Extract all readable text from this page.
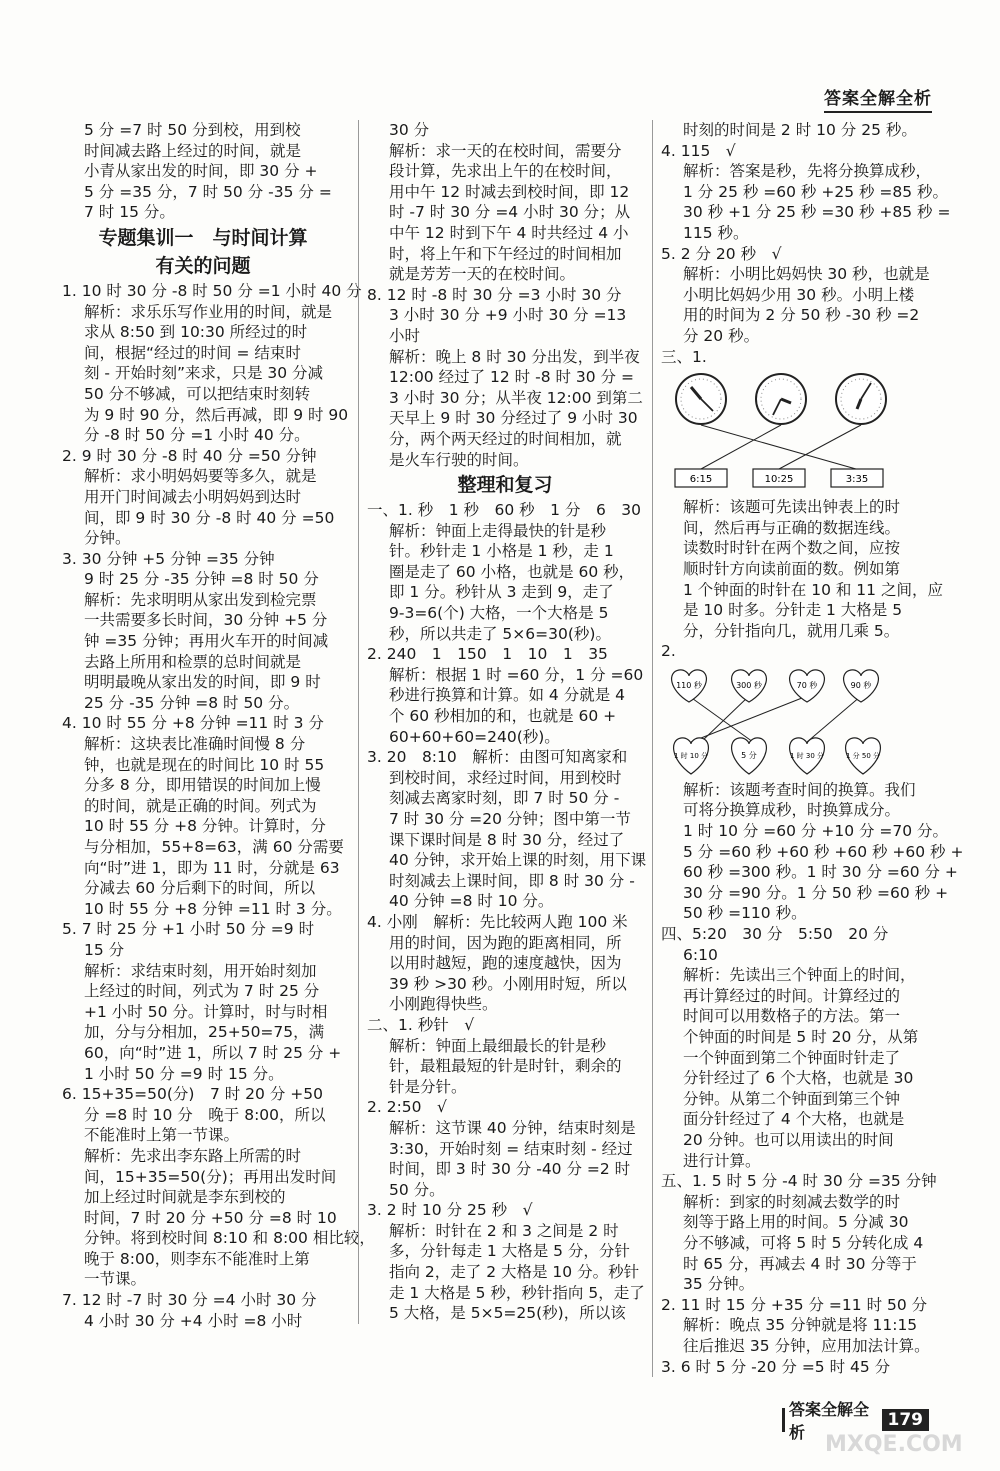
答案全解全析
5 分 =7 时 50 分到校，用到校
时间减去路上经过的时间，就是
小青从家出发的时间，即 30 分 +
5 分 =35 分，7 时 50 分 -35 分 =
7 时 15 分。
专题集训一　与时间计算
有关的问题
1. 10 时 30 分 -8 时 50 分 =1 小时 40 分
解析：求乐乐写作业用的时间，就是
求从 8:50 到 10:30 所经过的时
间，根据“经过的时间 = 结束时
刻 - 开始时刻”来求，只是 30 分减
50 分不够减，可以把结束时刻转
为 9 时 90 分，然后再减，即 9 时 90
分 -8 时 50 分 =1 小时 40 分。
2. 9 时 30 分 -8 时 40 分 =50 分钟
解析：求小明妈妈要等多久，就是
用开门时间减去小明妈妈到达时
间，即 9 时 30 分 -8 时 40 分 =50
分钟。
3. 30 分钟 +5 分钟 =35 分钟
9 时 25 分 -35 分钟 =8 时 50 分
解析：先求明明从家出发到检完票
一共需要多长时间，30 分钟 +5 分
钟 =35 分钟；再用火车开的时间减
去路上所用和检票的总时间就是
明明最晚从家出发的时间，即 9 时
25 分 -35 分钟 =8 时 50 分。
4. 10 时 55 分 +8 分钟 =11 时 3 分
解析：这块表比准确时间慢 8 分
钟，也就是现在的时间比 10 时 55
分多 8 分，即用错误的时间加上慢
的时间，就是正确的时间。列式为
10 时 55 分 +8 分钟。计算时，分
与分相加，55+8=63，满 60 分需要
向“时”进 1，即为 11 时，分就是 63
分减去 60 分后剩下的时间，所以
10 时 55 分 +8 分钟 =11 时 3 分。
5. 7 时 25 分 +1 小时 50 分 =9 时
15 分
解析：求结束时刻，用开始时刻加
上经过的时间，列式为 7 时 25 分
+1 小时 50 分。计算时，时与时相
加，分与分相加，25+50=75，满
60，向“时”进 1，所以 7 时 25 分 +
1 小时 50 分 =9 时 15 分。
6. 15+35=50(分)　7 时 20 分 +50
分 =8 时 10 分　晚于 8:00，所以
不能准时上第一节课。
解析：先求出李东路上所需的时
间，15+35=50(分)；再用出发时间
加上经过时间就是李东到校的
时间，7 时 20 分 +50 分 =8 时 10
分钟。将到校时间 8:10 和 8:00 相比较，
晚于 8:00，则李东不能准时上第
一节课。
7. 12 时 -7 时 30 分 =4 小时 30 分
4 小时 30 分 +4 小时 =8 小时
30 分
解析：求一天的在校时间，需要分
段计算，先求出上午的在校时间，
用中午 12 时减去到校时间，即 12
时 -7 时 30 分 =4 小时 30 分；从
中午 12 时到下午 4 时共经过 4 小
时，将上午和下午经过的时间相加
就是芳芳一天的在校时间。
8. 12 时 -8 时 30 分 =3 小时 30 分
3 小时 30 分 +9 小时 30 分 =13
小时
解析：晚上 8 时 30 分出发，到半夜
12:00 经过了 12 时 -8 时 30 分 =
3 小时 30 分；从半夜 12:00 到第二
天早上 9 时 30 分经过了 9 小时 30
分，两个两天经过的时间相加，就
是火车行驶的时间。
整理和复习
一、1. 秒　1 秒　60 秒　1 分　6　30
解析：钟面上走得最快的针是秒
针。秒针走 1 小格是 1 秒，走 1
圈是走了 60 小格，也就是 60 秒，
即 1 分。秒针从 3 走到 9，走了
9-3=6(个) 大格，一个大格是 5
秒，所以共走了 5×6=30(秒)。
2. 240　1　150　1　10　1　35
解析：根据 1 时 =60 分，1 分 =60
秒进行换算和计算。如 4 分就是 4
个 60 秒相加的和，也就是 60 +
60+60+60=240(秒)。
3. 20　8:10　解析：由图可知离家和
到校时间，求经过时间，用到校时
刻减去离家时刻，即 7 时 50 分 -
7 时 30 分 =20 分钟；图中第一节
课下课时间是 8 时 30 分，经过了
40 分钟，求开始上课的时刻，用下课
时刻减去上课时间，即 8 时 30 分 -
40 分钟 =8 时 10 分。
4. 小刚　解析：先比较两人跑 100 米
用的时间，因为跑的距离相同，所
以用时越短，跑的速度越快，因为
39 秒 >30 秒。小刚用时短，所以
小刚跑得快些。
二、1. 秒针　√
解析：钟面上最细最长的针是秒
针，最粗最短的针是时针，剩余的
针是分针。
2. 2:50　√
解析：这节课 40 分钟，结束时刻是
3:30，开始时刻 = 结束时刻 - 经过
时间，即 3 时 30 分 -40 分 =2 时
50 分。
3. 2 时 10 分 25 秒　√
解析：时针在 2 和 3 之间是 2 时
多，分针每走 1 大格是 5 分，分针
指向 2，走了 2 大格是 10 分。秒针
走 1 大格是 5 秒，秒针指向 5，走了
5 大格，是 5×5=25(秒)，所以该
时刻的时间是 2 时 10 分 25 秒。
4. 115　√
解析：答案是秒，先将分换算成秒，
1 分 25 秒 =60 秒 +25 秒 =85 秒。
30 秒 +1 分 25 秒 =30 秒 +85 秒 =
115 秒。
5. 2 分 20 秒　√
解析：小明比妈妈快 30 秒，也就是
小明比妈妈少用 30 秒。小明上楼
用的时间为 2 分 50 秒 -30 秒 =2
分 20 秒。
三、1.
6:15	10:25	3:35
解析：该题可先读出钟表上的时
间，然后再与正确的数据连线。
读数时时针在两个数之间，应按
顺时针方向读前面的数。例如第
1 个钟面的时针在 10 和 11 之间，应
是 10 时多。分针走 1 大格是 5
分，分针指向几，就用几乘 5。
2.
110 秒	300 秒	70 秒	90 秒
1 时 10 分	5 分	1 时 30 分	1 分 50 分
解析：该题考查时间的换算。我们
可将分换算成秒，时换算成分。
1 时 10 分 =60 分 +10 分 =70 分。
5 分 =60 秒 +60 秒 +60 秒 +60 秒 +
60 秒 =300 秒。1 时 30 分 =60 分 +
30 分 =90 分。1 分 50 秒 =60 秒 +
50 秒 =110 秒。
四、5:20　30 分　5:50　20 分
6:10
解析：先读出三个钟面上的时间，
再计算经过的时间。计算经过的
时间可以用数格子的方法。第一
个钟面的时间是 5 时 20 分，从第
一个钟面到第二个钟面时针走了
分针经过了 6 个大格，也就是 30
分钟。从第二个钟面到第三个钟
面分针经过了 4 个大格，也就是
20 分钟。也可以用读出的时间
进行计算。
五、1. 5 时 5 分 -4 时 30 分 =35 分钟
解析：到家的时刻减去数学的时
刻等于路上用的时间。5 分减 30
分不够减，可将 5 时 5 分转化成 4
时 65 分，再减去 4 时 30 分等于
35 分钟。
2. 11 时 15 分 +35 分 =11 时 50 分
解析：晚点 35 分钟就是将 11:15
往后推迟 35 分钟，应用加法计算。
3. 6 时 5 分 -20 分 =5 时 45 分
答案全解全析
179
MXQE.COM
